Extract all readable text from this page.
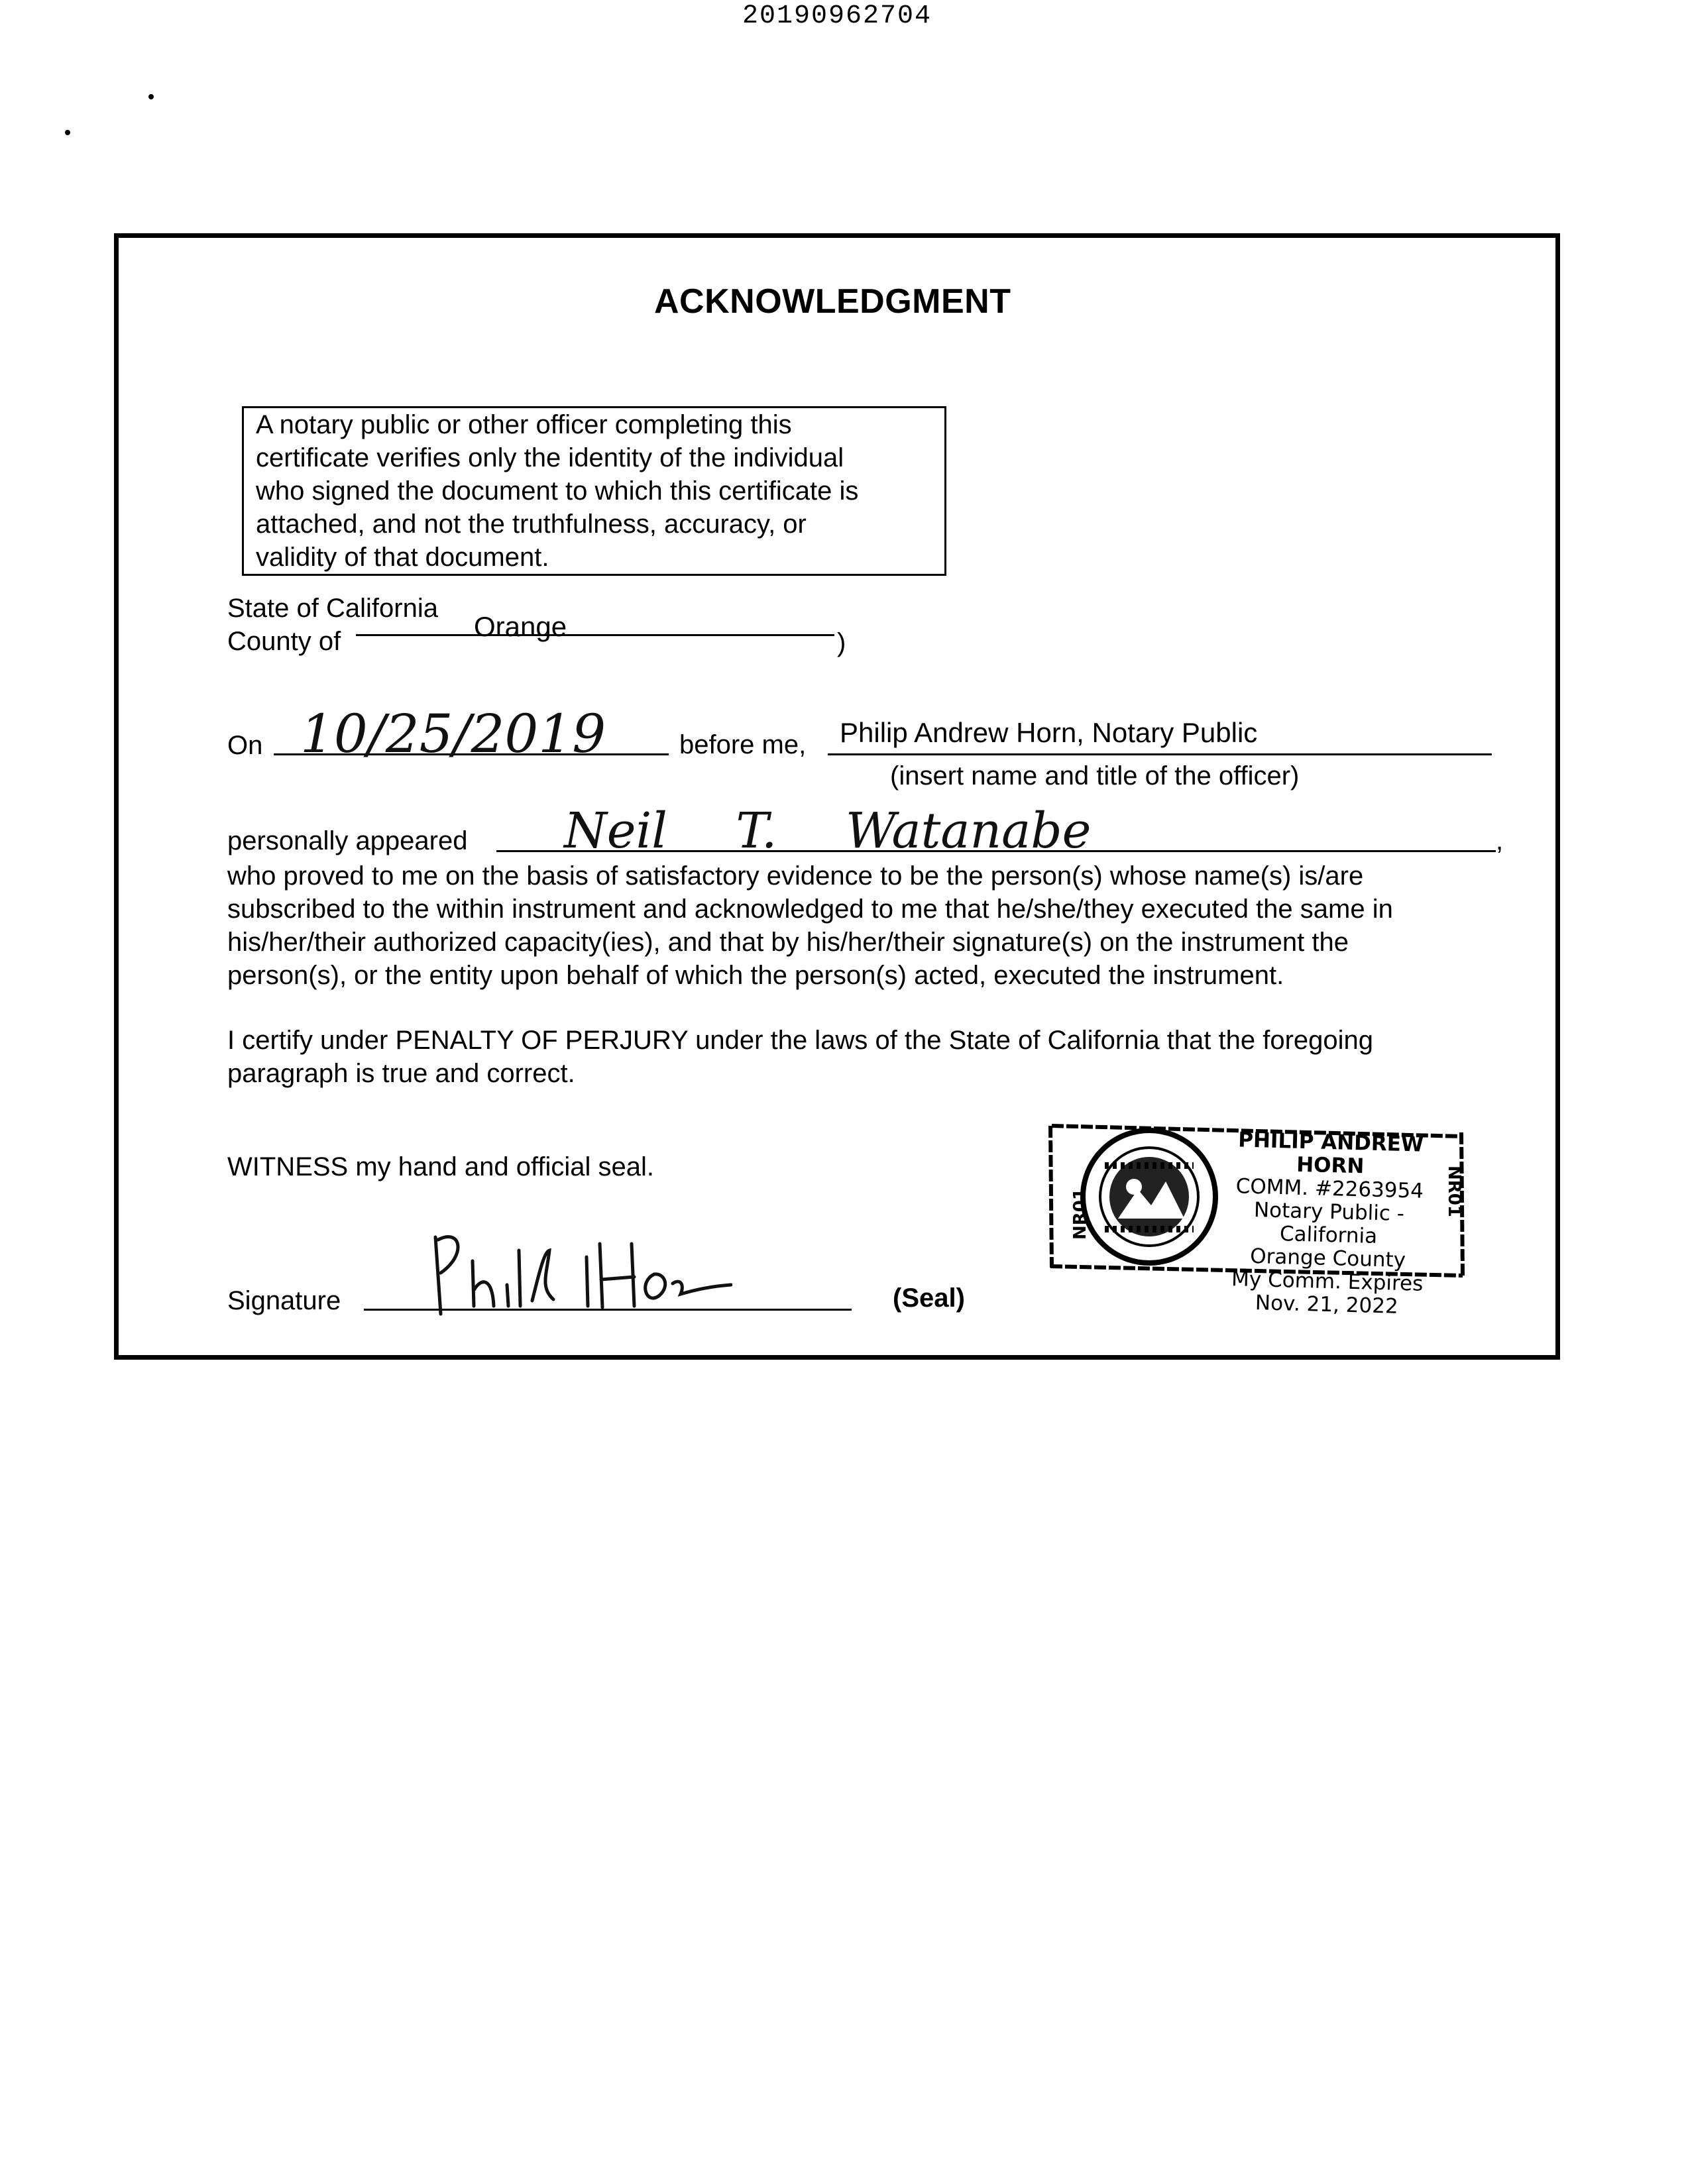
20190962704
ACKNOWLEDGMENT
A notary public or other officer completing this
certificate verifies only the identity of the individual
who signed the document to which this certificate is
attached, and not the truthfulness, accuracy, or
validity of that document.
State of California
County of	Orange
)
On 10/25/2019	before me, Philip Andrew Horn, Notary Public
(insert name and title of the officer)
personally appeared Neil T. Watanabe	,

who proved to me on the basis of satisfactory evidence to be the person(s) whose name(s) is/are

subscribed to the within instrument and acknowledged to me that he/she/they executed the same in

his/her/their authorized capacity(ies), and that by his/her/their signature(s) on the instrument the

person(s), or the entity upon behalf of which the person(s) acted, executed the instrument.

I certify under PENALTY OF PERJURY under the laws of the State of California that the foregoing

paragraph is true and correct.

WITNESS my hand and official seal.
Signature	(Seal)
NR01	NR01
PHILIP ANDREW HORN
COMM. #2263954
Notary Public - California
Orange County
My Comm. Expires Nov. 21, 2022
